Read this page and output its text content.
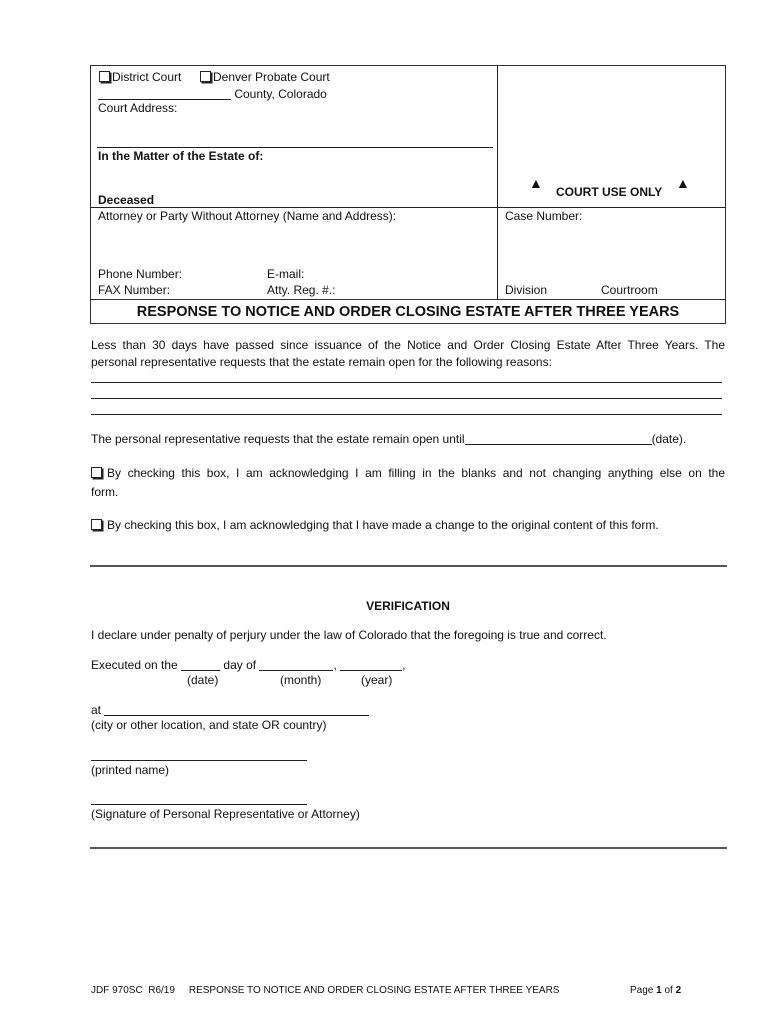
District Court	Denver Probate Court
County, Colorado
Court Address:
In the Matter of the Estate of:
Deceased
Attorney or Party Without Attorney (Name and Address):
Phone Number:	E-mail:
FAX Number:	Atty. Reg. #.:
▲
COURT USE ONLY
▲
Case Number:
Division	Courtroom
RESPONSE TO NOTICE AND ORDER CLOSING ESTATE AFTER THREE YEARS
Less than 30 days have passed since issuance of the Notice and Order Closing Estate After Three Years. The
personal representative requests that the estate remain open for the following reasons:
The personal representative requests that the estate remain open until	(date).
By checking this box, I am acknowledging I am filling in the blanks and not changing anything else on the
form.
By checking this box, I am acknowledging that I have made a change to the original content of this form.
VERIFICATION
I declare under penalty of perjury under the law of Colorado that the foregoing is true and correct.
Executed on the	day of	,	,
(date)	(month)	(year)
at
(city or other location, and state OR country)
(printed name)
(Signature of Personal Representative or Attorney)
JDF 970SC R6/19 RESPONSE TO NOTICE AND ORDER CLOSING ESTATE AFTER THREE YEARS	Page 1 of 2
